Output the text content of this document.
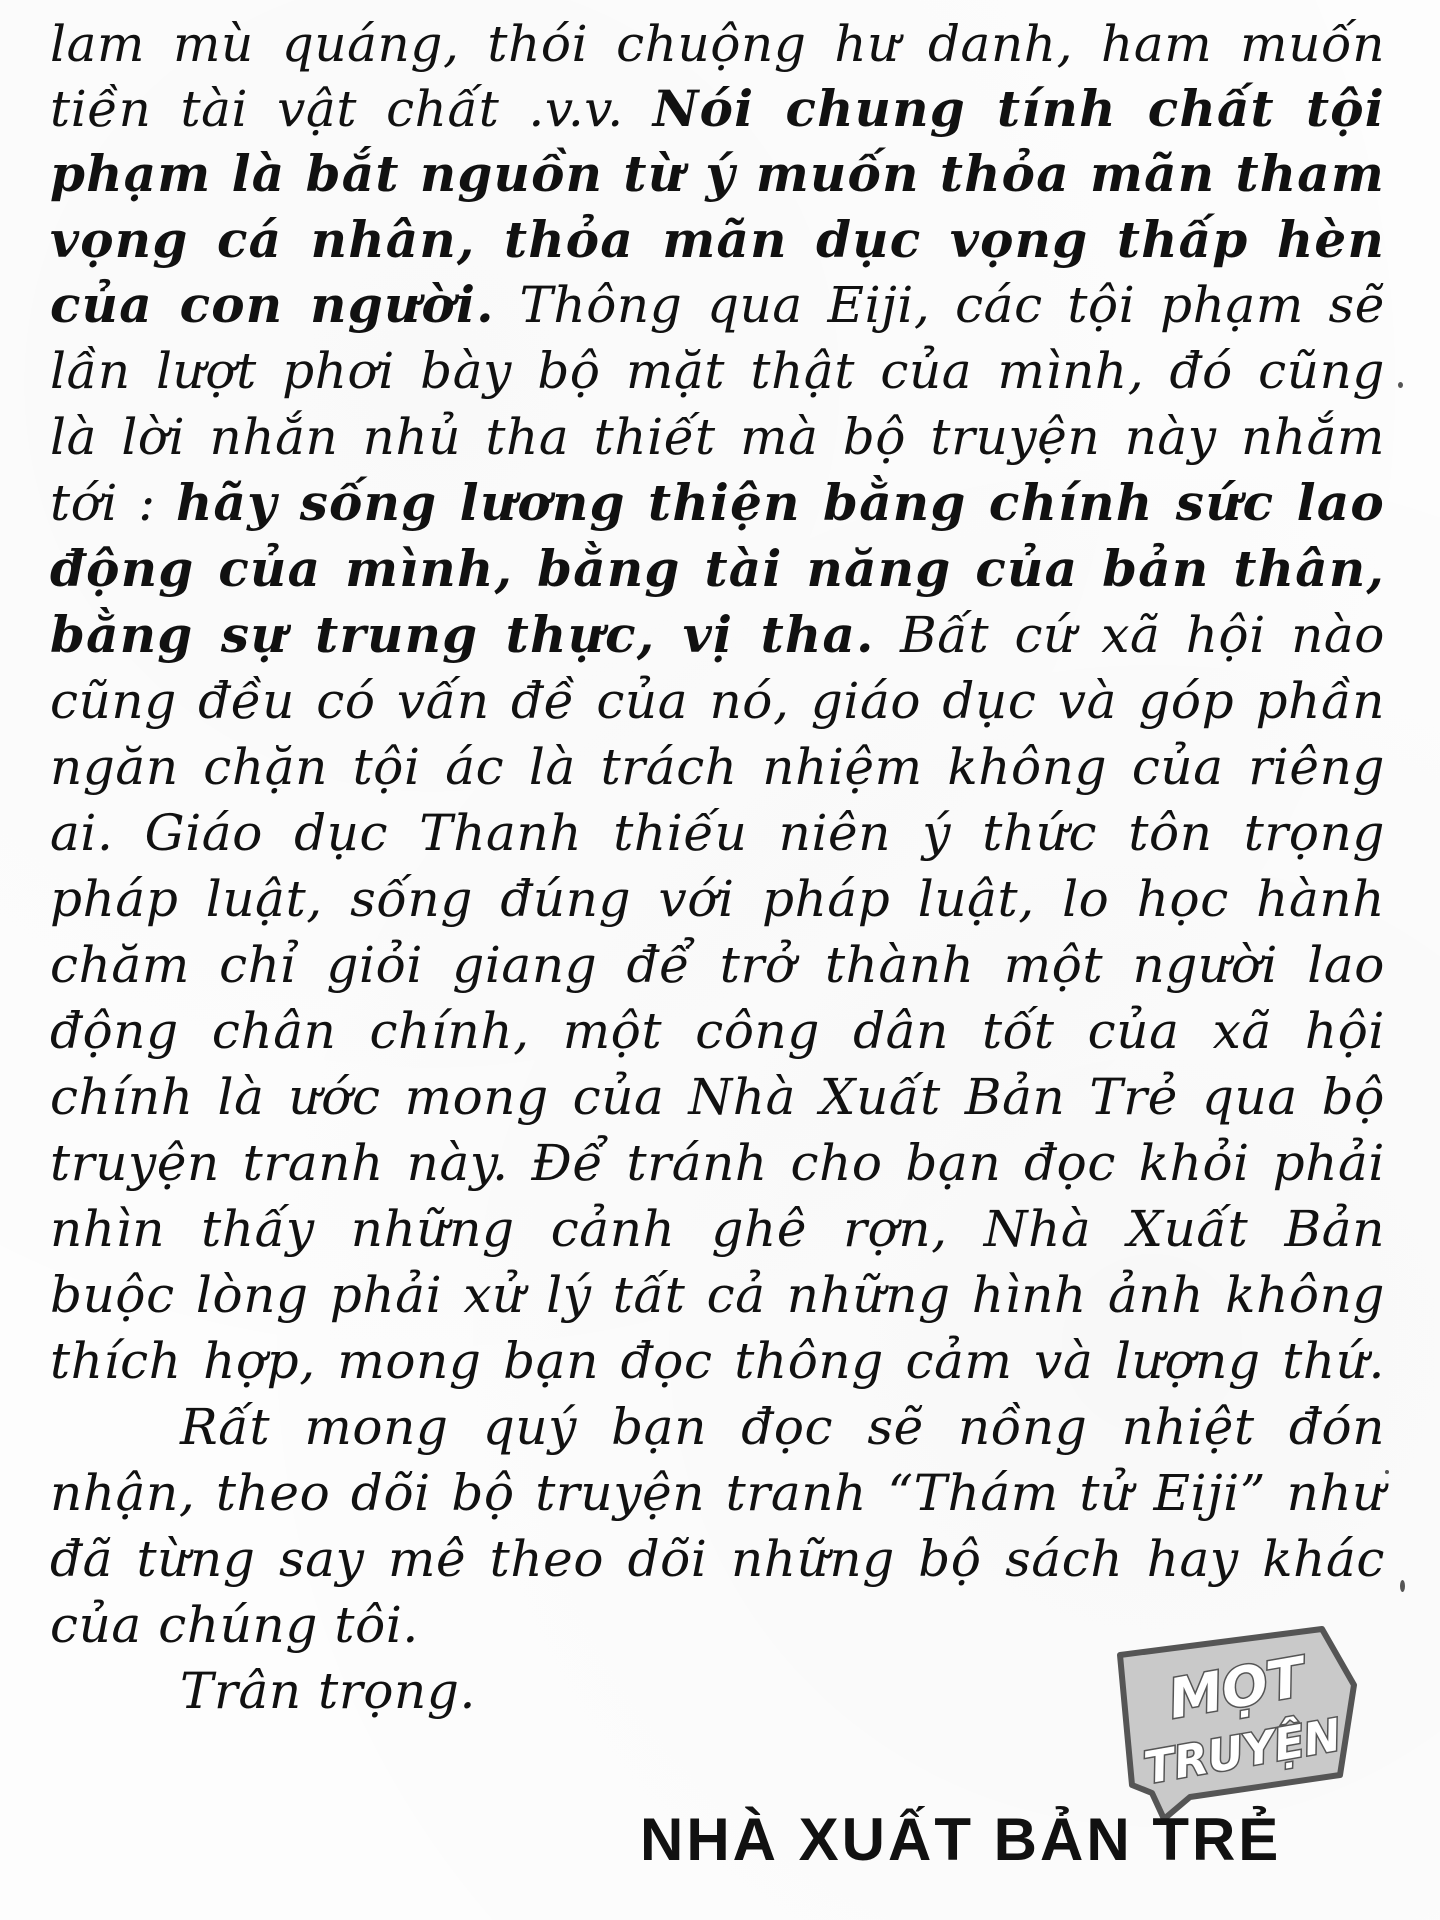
lam mù quáng, thói chuộng hư danh, ham muốn
tiền tài vật chất .v.v. Nói chung tính chất tội
phạm là bắt nguồn từ ý muốn thỏa mãn tham
vọng cá nhân, thỏa mãn dục vọng thấp hèn
của con người. Thông qua Eiji, các tội phạm sẽ
lần lượt phơi bày bộ mặt thật của mình, đó cũng
là lời nhắn nhủ tha thiết mà bộ truyện này nhắm
tới : hãy sống lương thiện bằng chính sức lao
động của mình, bằng tài năng của bản thân,
bằng sự trung thực, vị tha. Bất cứ xã hội nào
cũng đều có vấn đề của nó, giáo dục và góp phần
ngăn chặn tội ác là trách nhiệm không của riêng
ai. Giáo dục Thanh thiếu niên ý thức tôn trọng
pháp luật, sống đúng với pháp luật, lo học hành
chăm chỉ giỏi giang để trở thành một người lao
động chân chính, một công dân tốt của xã hội
chính là ước mong của Nhà Xuất Bản Trẻ qua bộ
truyện tranh này. Để tránh cho bạn đọc khỏi phải
nhìn thấy những cảnh ghê rợn, Nhà Xuất Bản
buộc lòng phải xử lý tất cả những hình ảnh không
thích hợp, mong bạn đọc thông cảm và lượng thứ.
Rất mong quý bạn đọc sẽ nồng nhiệt đón
nhận, theo dõi bộ truyện tranh “Thám tử Eiji” như
đã từng say mê theo dõi những bộ sách hay khác
của chúng tôi.
Trân trọng.	MỌT
TRUYỆN
NHÀ XUẤT BẢN TRẺ
